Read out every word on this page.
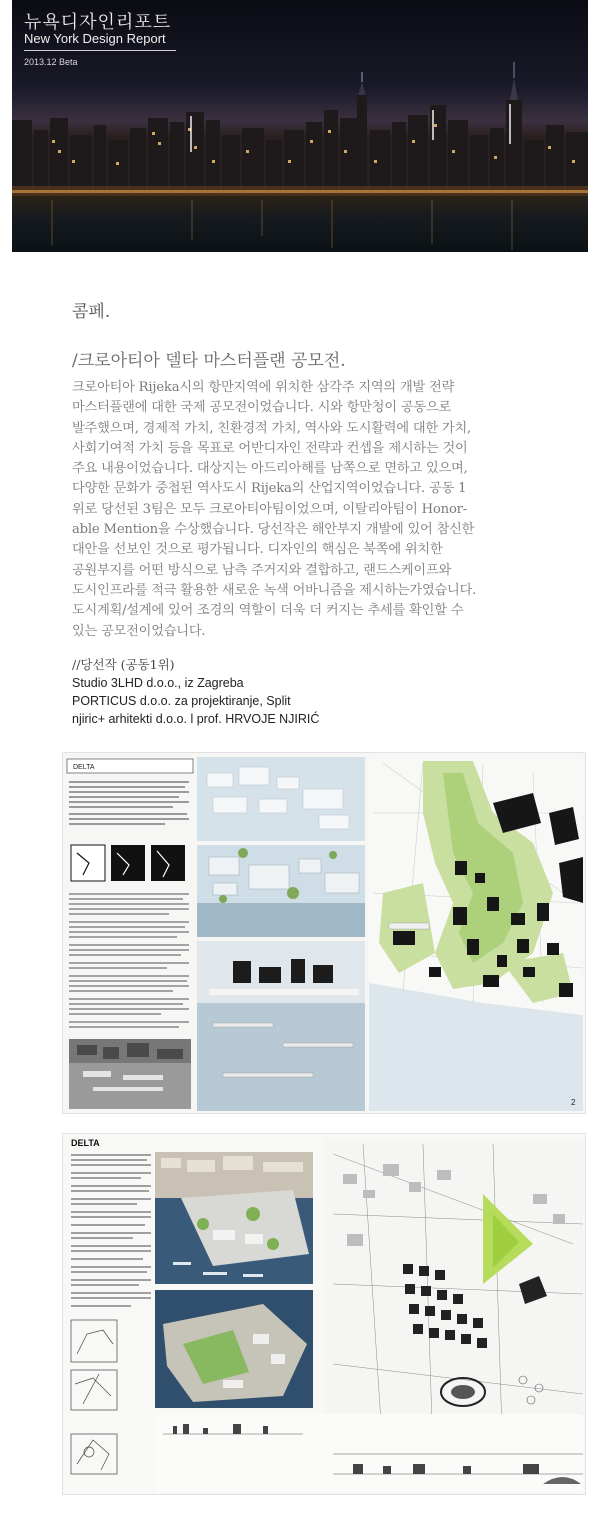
뉴욕디자인리포트
New York Design Report
2013.12 Beta
콤페.
/크로아티아 델타 마스터플랜 공모전.
크로아티아 Rijeka시의 항만지역에 위치한 삼각주 지역의 개발 전략
마스터플랜에 대한 국제 공모전이었습니다. 시와 항만청이 공동으로
발주했으며, 경제적 가치, 친환경적 가치, 역사와 도시활력에 대한 가치,
사회기여적 가치 등을 목표로 어반디자인 전략과 컨셉을 제시하는 것이
주요 내용이었습니다. 대상지는 아드리아해를 남쪽으로 면하고 있으며,
다양한 문화가 중첩된 역사도시 Rijeka의 산업지역이었습니다. 공동 1
위로 당선된 3팀은 모두 크로아티아팀이었으며, 이탈리아팀이 Honor-
able Mention을 수상했습니다. 당선작은 해안부지 개발에 있어 참신한
대안을 선보인 것으로 평가됩니다. 디자인의 핵심은 북쪽에 위치한
공원부지를 어떤 방식으로 남측 주거지와 결합하고, 랜드스케이프와
도시인프라를 적극 활용한 새로운 녹색 어바니즘을 제시하는가였습니다.
도시계획/설계에 있어 조경의 역할이 더욱 더 커지는 추세를 확인할 수
있는 공모전이었습니다.
//당선작 (공동1위)
Studio 3LHD d.o.o., iz Zagreba
PORTICUS d.o.o. za projektiranje, Split
njiric+ arhitekti d.o.o. l prof. HRVOJE NJIRIĆ
DELTA
2
DELTA
